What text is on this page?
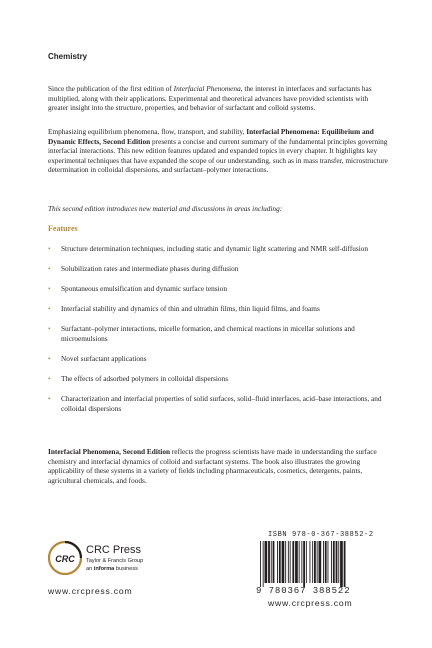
Chemistry
Since the publication of the first edition of Interfacial Phenomena, the interest in interfaces and surfactants has multiplied, along with their applications. Experimental and theoretical advances have provided scientists with greater insight into the structure, properties, and behavior of surfactant and colloid systems.
Emphasizing equilibrium phenomena, flow, transport, and stability, Interfacial Phenomena: Equilibrium and Dynamic Effects, Second Edition presents a concise and current summary of the fundamental principles governing interfacial interactions. This new edition features updated and expanded topics in every chapter. It highlights key experimental techniques that have expanded the scope of our understanding, such as in mass transfer, microstructure determination in colloidal dispersions, and surfactant–polymer interactions.
This second edition introduces new material and discussions in areas including:
Features
• Structure determination techniques, including static and dynamic light scattering and NMR self-diffusion
• Solubilization rates and intermediate phases during diffusion
• Spontaneous emulsification and dynamic surface tension
• Interfacial stability and dynamics of thin and ultrathin films, thin liquid films, and foams
• Surfactant–polymer interactions, micelle formation, and chemical reactions in micellar solutions and microemulsions
• Novel surfactant applications
• The effects of adsorbed polymers in colloidal dispersions
• Characterization and interfacial properties of solid surfaces, solid–fluid interfaces, acid–base interactions, and colloidal dispersions
Interfacial Phenomena, Second Edition reflects the progress scientists have made in understanding the surface chemistry and interfacial dynamics of colloid and surfactant systems. The book also illustrates the growing applicability of these systems in a variety of fields including pharmaceuticals, cosmetics, detergents, paints, agricultural chemicals, and foods.
CRC
CRC Press
Taylor & Francis Group
an informa business
www.crcpress.com
ISBN 978-0-367-38852-2
9 780367 388522
www.crcpress.com
